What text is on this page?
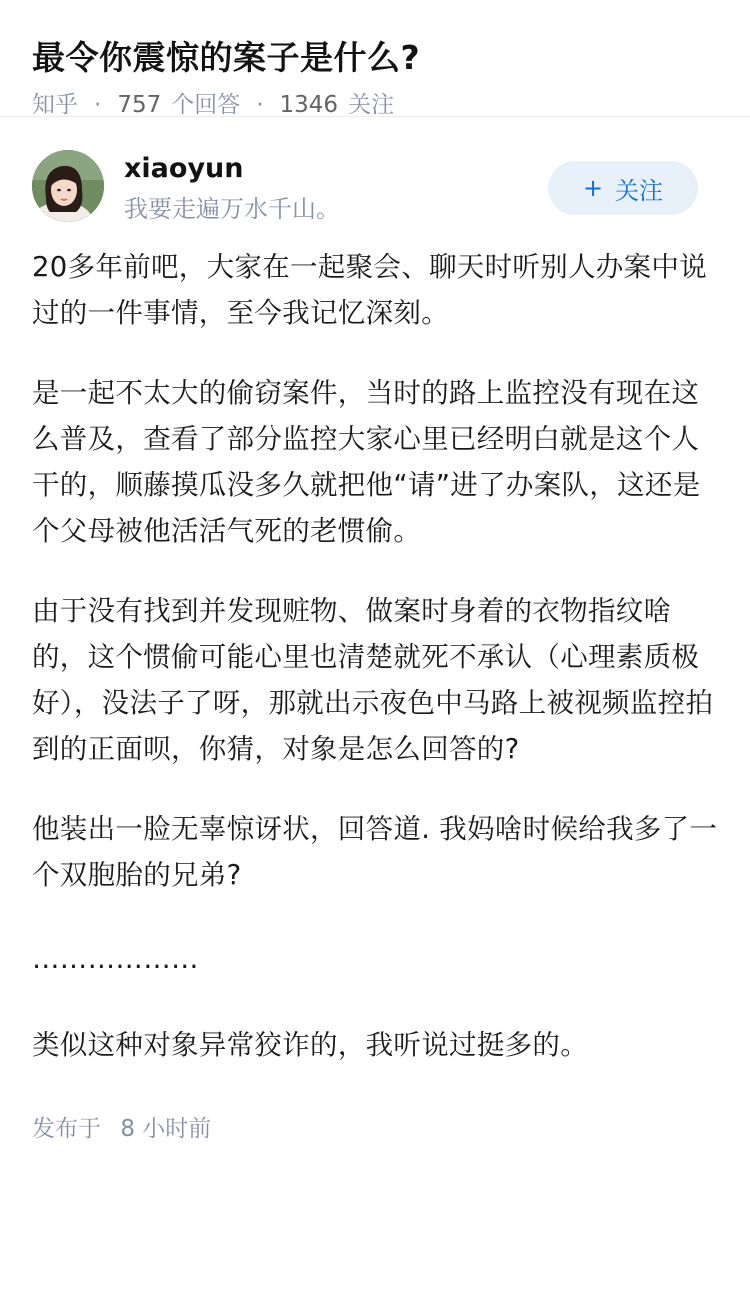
最令你震惊的案子是什么?
知乎 · 757 个回答 · 1346 关注
xiaoyun
我要走遍万水千山。
+ 关注

20多年前吧，大家在一起聚会、聊天时听别人办案中说过的一件事情，至今我记忆深刻。

是一起不太大的偷窃案件，当时的路上监控没有现在这么普及，查看了部分监控大家心里已经明白就是这个人干的，顺藤摸瓜没多久就把他“请”进了办案队，这还是个父母被他活活气死的老惯偷。

由于没有找到并发现赃物、做案时身着的衣物指纹啥的，这个惯偷可能心里也清楚就死不承认（心理素质极好），没法子了呀，那就出示夜色中马路上被视频监控拍到的正面呗，你猜，对象是怎么回答的?

他装出一脸无辜惊讶状，回答道. 我妈啥时候给我多了一个双胞胎的兄弟?

………………

类似这种对象异常狡诈的，我听说过挺多的。

发布于 8 小时前
